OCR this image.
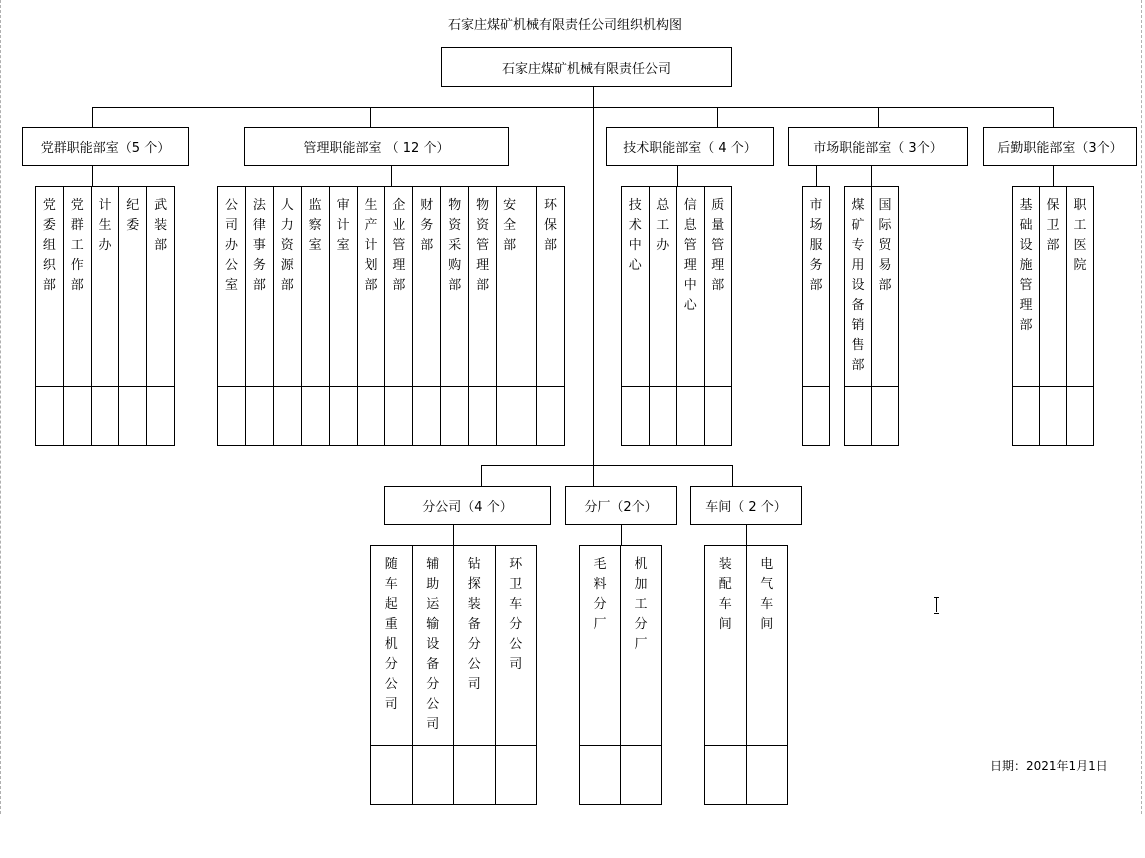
石家庄煤矿机械有限责任公司组织机构图
石家庄煤矿机械有限责任公司
党群职能部室（5 个）	管理职能部室 （ 12 个）	技术职能部室（ 4 个）	市场职能部室（ 3个）	后勤职能部室（3个）
党委组织部
党群工作部
计生办
纪委
武装部
公司办公室
法律事务部
人力资源部
监察室
审计室
生产计划部
企业管理部
财务部
物资采购部
物资管理部
安全部
环保部
技术中心
总工办
信息管理中心
质量管理部
市场服务部
煤矿专用设备销售部
国际贸易部
基础设施管理部
保卫部
职工医院
分公司（4 个）	分厂（2个）	车间（ 2 个）
随车起重机分公司
辅助运输设备分公司
钻探装备分公司
环卫车分公司
毛料分厂
机加工分厂
装配车间
电气车间
日期：2021年1月1日
